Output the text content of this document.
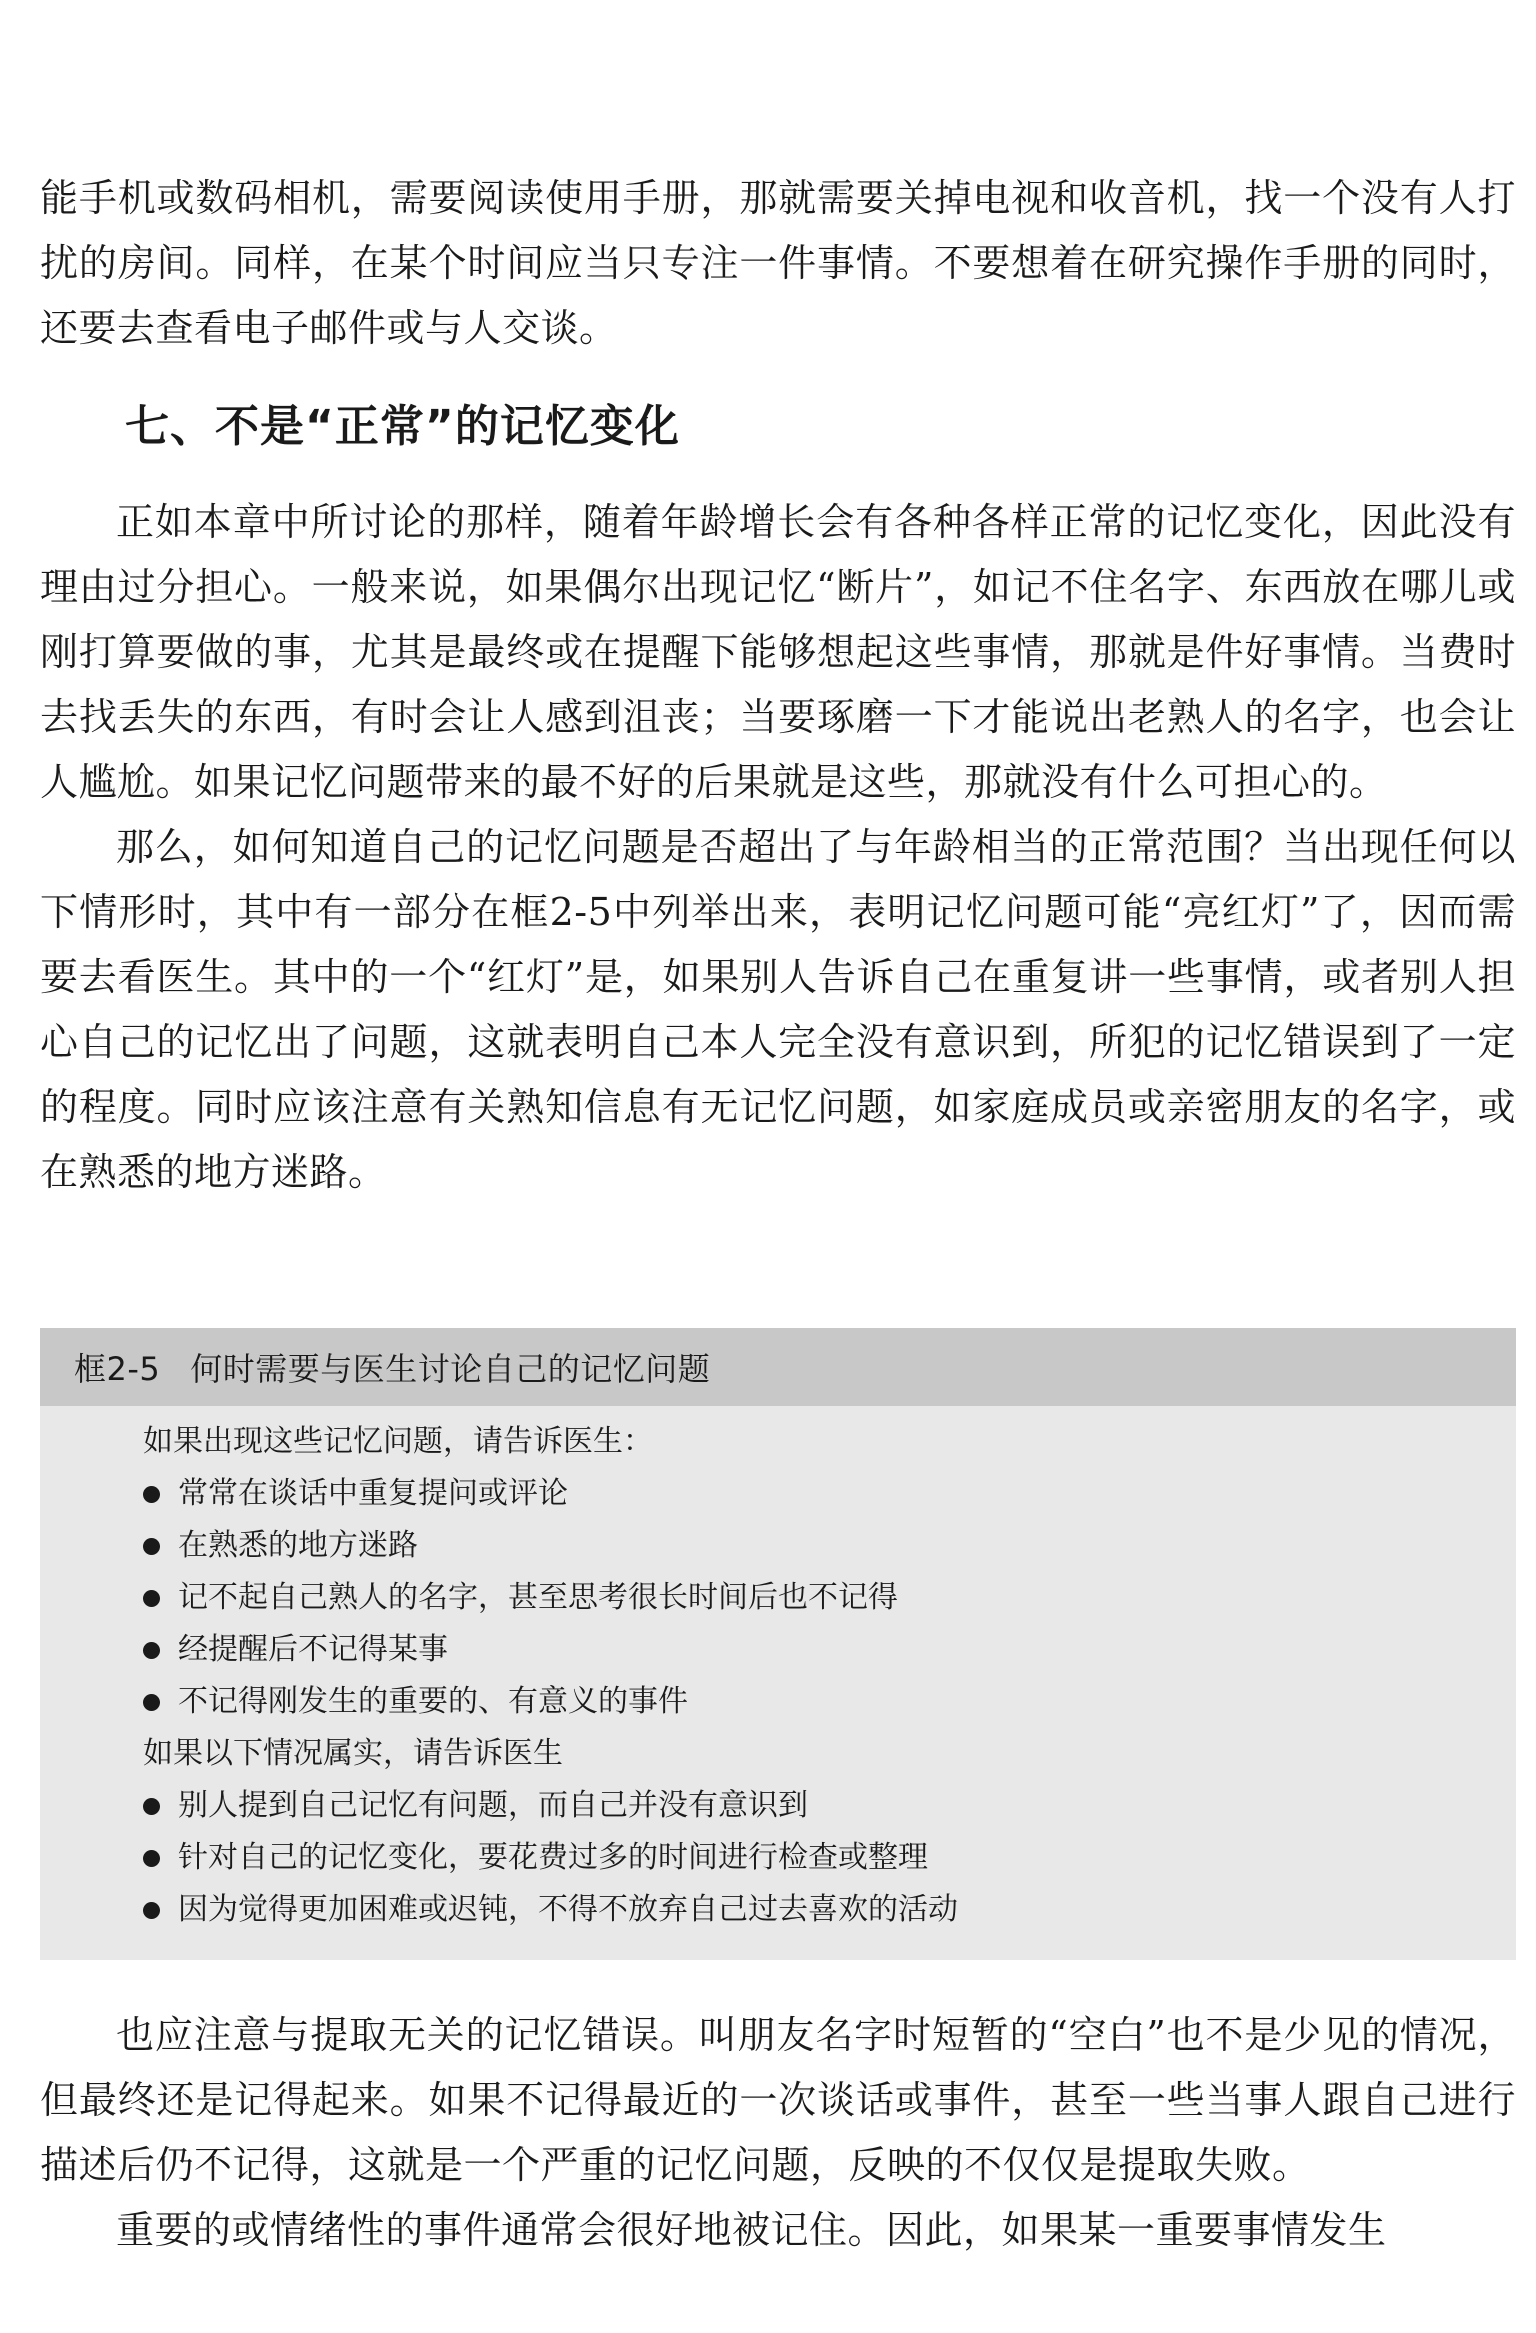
能手机或数码相机，需要阅读使用手册，那就需要关掉电视和收音机，找一个没有人打扰的房间。同样，在某个时间应当只专注一件事情。不要想着在研究操作手册的同时，还要去查看电子邮件或与人交谈。

七、不是“正常”的记忆变化

正如本章中所讨论的那样，随着年龄增长会有各种各样正常的记忆变化，因此没有理由过分担心。一般来说，如果偶尔出现记忆“断片”，如记不住名字、东西放在哪儿或刚打算要做的事，尤其是最终或在提醒下能够想起这些事情，那就是件好事情。当费时去找丢失的东西，有时会让人感到沮丧；当要琢磨一下才能说出老熟人的名字，也会让人尴尬。如果记忆问题带来的最不好的后果就是这些，那就没有什么可担心的。

那么，如何知道自己的记忆问题是否超出了与年龄相当的正常范围？当出现任何以下情形时，其中有一部分在框2-5中列举出来，表明记忆问题可能“亮红灯”了，因而需要去看医生。其中的一个“红灯”是，如果别人告诉自己在重复讲一些事情，或者别人担心自己的记忆出了问题，这就表明自己本人完全没有意识到，所犯的记忆错误到了一定的程度。同时应该注意有关熟知信息有无记忆问题，如家庭成员或亲密朋友的名字，或在熟悉的地方迷路。

框2-5 何时需要与医生讨论自己的记忆问题
如果出现这些记忆问题，请告诉医生：
常常在谈话中重复提问或评论
在熟悉的地方迷路
记不起自己熟人的名字，甚至思考很长时间后也不记得
经提醒后不记得某事
不记得刚发生的重要的、有意义的事件
如果以下情况属实，请告诉医生
别人提到自己记忆有问题，而自己并没有意识到
针对自己的记忆变化，要花费过多的时间进行检查或整理
因为觉得更加困难或迟钝，不得不放弃自己过去喜欢的活动

也应注意与提取无关的记忆错误。叫朋友名字时短暂的“空白”也不是少见的情况，但最终还是记得起来。如果不记得最近的一次谈话或事件，甚至一些当事人跟自己进行描述后仍不记得，这就是一个严重的记忆问题，反映的不仅仅是提取失败。

重要的或情绪性的事件通常会很好地被记住。因此，如果某一重要事情发生
